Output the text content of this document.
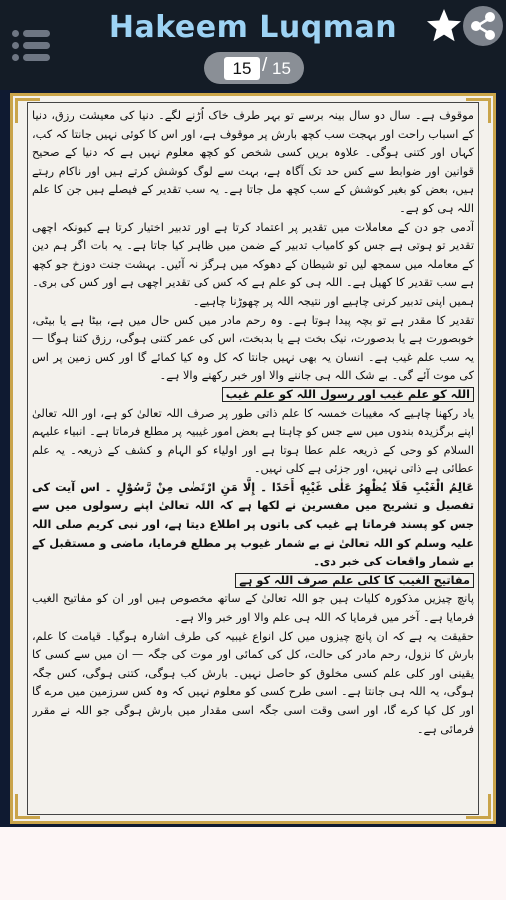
Hakeem Luqman
15 / 15

موقوف ہے۔ سال دو سال بینہ برسے تو بہر طرف خاک اُڑنے لگے۔ دنیا کی معیشت رزق، دنیا کے اسباب راحت اور بہجت سب کچھ بارش پر موقوف ہے، اور اس کا کوئی نہیں جانتا کہ کب، کہاں اور کتنی ہوگی۔ علاوہ بریں کسی شخص کو کچھ معلوم نہیں ہے کہ دنیا کے صحیح قوانین اور ضوابط سے کس حد تک آگاہ ہے، بہت سے لوگ کوشش کرتے ہیں اور ناکام رہتے ہیں، بعض کو بغیر کوشش کے سب کچھ مل جاتا ہے۔ یہ سب تقدیر کے فیصلے ہیں جن کا علم اللہ ہی کو ہے۔

آدمی جو دن کے معاملات میں تقدیر پر اعتماد کرتا ہے اور تدبیر اختیار کرتا ہے کیونکہ اچھی تقدیر تو ہوتی ہے جس کو کامیاب تدبیر کے ضمن میں ظاہر کیا جاتا ہے۔ یہ بات اگر ہم دین کے معاملہ میں سمجھ لیں تو شیطان کے دھوکہ میں ہرگز نہ آئیں۔ بہشت جنت دوزخ جو کچھ ہے سب تقدیر کا کھیل ہے۔ اللہ ہی کو علم ہے کہ کس کی تقدیر اچھی ہے اور کس کی بری۔ ہمیں اپنی تدبیر کرنی چاہیے اور نتیجہ اللہ پر چھوڑنا چاہیے۔

تقدیر کا مقدر ہے تو بچہ پیدا ہوتا ہے۔ وہ رحم مادر میں کس حال میں ہے، بیٹا ہے یا بیٹی، خوبصورت ہے یا بدصورت، نیک بخت ہے یا بدبخت، اس کی عمر کتنی ہوگی، رزق کتنا ہوگا — یہ سب علم غیب ہے۔ انسان یہ بھی نہیں جانتا کہ کل وہ کیا کمائے گا اور کس زمین پر اس کی موت آئے گی۔ بے شک اللہ ہی جاننے والا اور خبر رکھنے والا ہے۔

اللہ کو علم غیب اور رسول اللہ کو علم غیب

یاد رکھنا چاہیے کہ مغیبات خمسہ کا علم ذاتی طور پر صرف اللہ تعالیٰ کو ہے، اور اللہ تعالیٰ اپنے برگزیدہ بندوں میں سے جس کو چاہتا ہے بعض امور غیبیہ پر مطلع فرماتا ہے۔ انبیاء علیہم السلام کو وحی کے ذریعہ علم عطا ہوتا ہے اور اولیاء کو الہام و کشف کے ذریعہ۔ یہ علم عطائی ہے ذاتی نہیں، اور جزئی ہے کلی نہیں۔

عَالِمُ الْغَيْبِ فَلَا يُظْهِرُ عَلٰى غَيْبِهٖ أَحَدًا ۔ إِلَّا مَنِ ارْتَضٰى مِنْ رَّسُوْلٍ ۔ اس آیت کی تفصیل و تشریح میں مفسرین نے لکھا ہے کہ اللہ تعالیٰ اپنے رسولوں میں سے جس کو پسند فرماتا ہے غیب کی باتوں پر اطلاع دیتا ہے، اور نبی کریم صلی اللہ علیہ وسلم کو اللہ تعالیٰ نے بے شمار غیوب پر مطلع فرمایا، ماضی و مستقبل کے بے شمار واقعات کی خبر دی۔

مفاتیح الغیب کا کلی علم صرف اللہ کو ہے

پانچ چیزیں مذکورہ کلیات ہیں جو اللہ تعالیٰ کے ساتھ مخصوص ہیں اور ان کو مفاتیح الغیب فرمایا ہے۔ آخر میں فرمایا کہ اللہ ہی علم والا اور خبر والا ہے۔

حقیقت یہ ہے کہ ان پانچ چیزوں میں کل انواع غیبیہ کی طرف اشارہ ہوگیا۔ قیامت کا علم، بارش کا نزول، رحم مادر کی حالت، کل کی کمائی اور موت کی جگہ — ان میں سے کسی کا یقینی اور کلی علم کسی مخلوق کو حاصل نہیں۔ بارش کب ہوگی، کتنی ہوگی، کس جگہ ہوگی، یہ اللہ ہی جانتا ہے۔ اسی طرح کسی کو معلوم نہیں کہ وہ کس سرزمین میں مرے گا اور کل کیا کرے گا، اور اسی وقت اسی جگہ اسی مقدار میں بارش ہوگی جو اللہ نے مقرر فرمائی ہے۔
